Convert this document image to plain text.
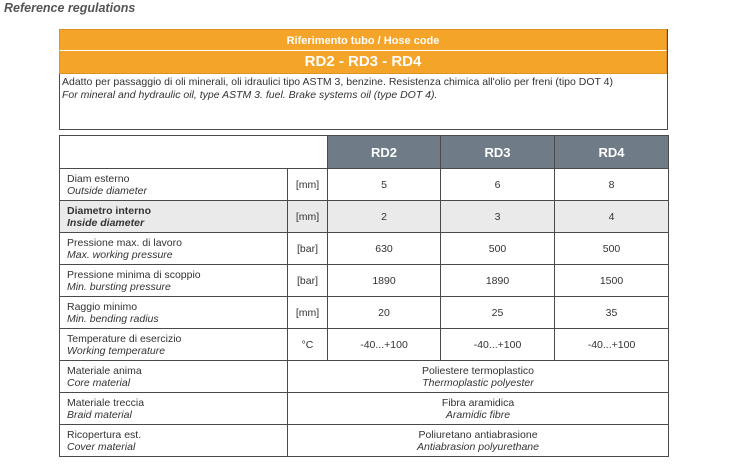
Reference regulations
Riferimento tubo / Hose code
RD2 - RD3 - RD4
Adatto per passaggio di oli minerali, oli idraulici tipo ASTM 3, benzine. Resistenza chimica all'olio per freni (tipo DOT 4)
For mineral and hydraulic oil, type ASTM 3. fuel. Brake systems oil (type DOT 4).
		RD2	RD3	RD4

Diam esterno
Outside diameter	[mm]	5	6	8

Diametro interno
Inside diameter	[mm]	2	3	4

Pressione max. di lavoro
Max. working pressure	[bar]	630	500	500

Pressione minima di scoppio
Min. bursting pressure	[bar]	1890	1890	1500

Raggio minimo
Min. bending radius	[mm]	20	25	35

Temperature di esercizio
Working temperature	°C	-40...+100	-40...+100	-40...+100

Materiale anima
Core material	Poliestere termoplastico
Thermoplastic polyester			

Materiale treccia
Braid material	Fibra aramidica
Aramidic fibre			

Ricopertura est.
Cover material	Poliuretano antiabrasione
Antiabrasion polyurethane			
